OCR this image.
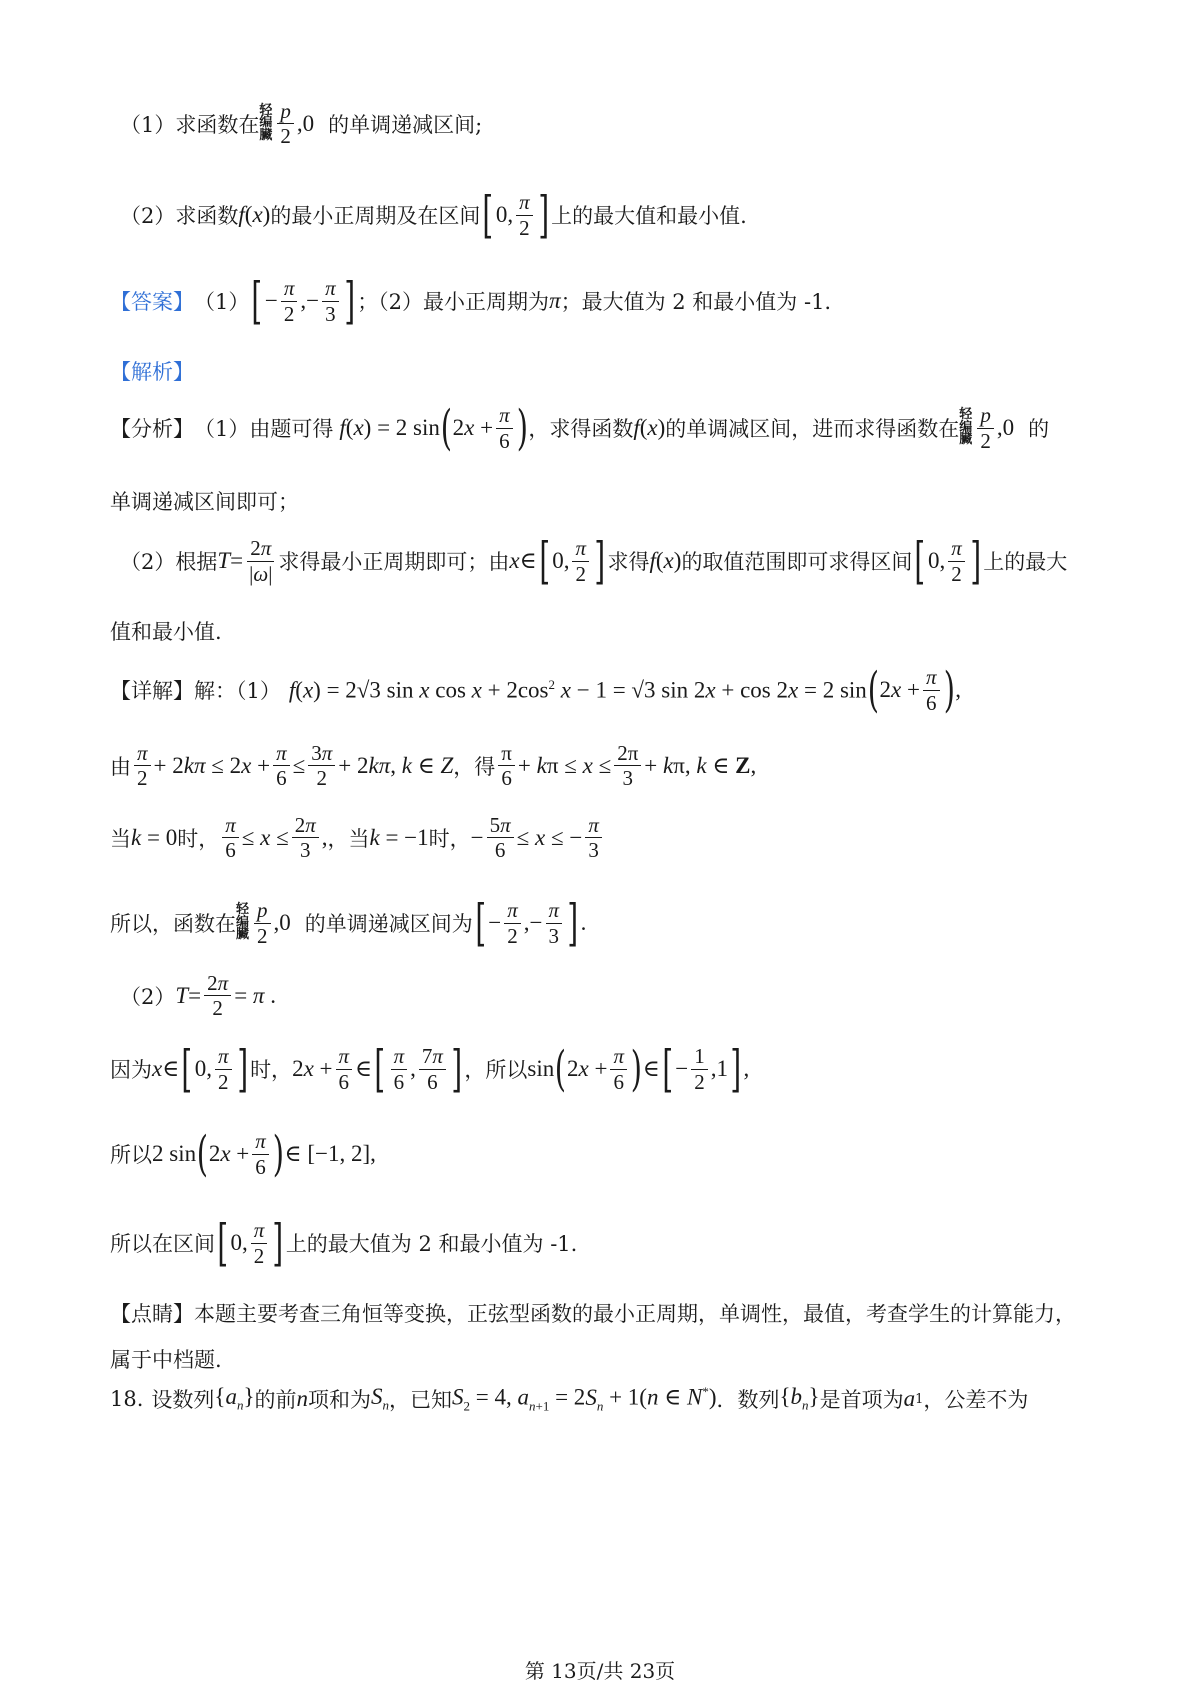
（1）求函数在
轻
编
臟 $\frac{p}{2} ,0$ 的单调递减区间;
（2）求函数 f ( x ) 的最小正周期及在区间 [ 0, $\frac{\pi}{2}$ ] 上的最大值和最小值.
【答案】 （1） [ − $\frac{\pi}{2}$ ,− $\frac{\pi}{3}$ ] ；（2）最小正周期为 π ；最大值为 2 和最小值为 -1.
【解析】
【分析】 （1）由题可得 f(x) = 2 sin ( $2x + \frac{\pi}{6}$ ) ，求得函数 f (x) 的单调减区间，进而求得函数在
轻
编
臟 $\frac{p}{2} ,0$ 的
单调递减区间即可；
（2）根据 $T = \frac{2\pi}{|\omega|}$ 求得最小正周期即可；由 x ∈ [ 0, $\frac{\pi}{2}$ ] 求得 f (x) 的取值范围即可求得区间 [ 0, $\frac{\pi}{2}$ ] 上的最大
值和最小值.
【详解】 解：（1） f(x) = 2√3 sin x $\cos x + 2\cos^2$ x − 1 = √3 sin 2x + cos 2x = 2 sin ( $2x + \frac{\pi}{6}$ ) ,
由 $\frac{\pi}{2} + 2k\pi \le 2x + \frac{\pi}{6} \le \frac{3\pi}{2} + 2k\pi$, k ∈ Z ，得 $\frac{\pi}{6} + k\pi \le x \le \frac{2\pi}{3} + k\pi$, k ∈ Z,
当 k = 0 时， $\frac{\pi}{6} \le x \le \frac{2\pi}{3}$ , ，当 k = −1 时， − $\frac{5\pi}{6} \le x$ ≤ − $\frac{\pi}{3}$
所以，函数在
轻
编
臟 $\frac{p}{2} ,0$ 的单调递减区间为 [ − $\frac{\pi}{2}$ ,− $\frac{\pi}{3}$ ] .
（2） $T = \frac{2\pi}{2} = \pi$ .
因为 x ∈ [ 0, $\frac{\pi}{2}$ ] 时， $2x + \frac{\pi}{6}$ ∈ [ $\frac{\pi}{6}$ , $\frac{7\pi}{6}$ ] ，所以 sin ( $2x + \frac{\pi}{6}$ ) ∈ [ − $\frac{1}{2} ,1$ ] ,
所以 2 sin ( $2x + \frac{\pi}{6}$ ) ∈ [−1, 2],
所以在区间 [ 0, $\frac{\pi}{2}$ ] 上的最大值为 2 和最小值为 -1.
【点睛】 本题主要考查三角恒等变换，正弦型函数的最小正周期，单调性，最值，考查学生的计算能力，
属于中档题.
18. 设数列 $\{a_n\}$ 的前 n 项和为 $S_n$ ，已知 $S_2 = 4$, $a_{n+1} = 2S_n + 1(n$ ∈ N*) ．数列 $\{b_n\}$ 是首项为 a 1 ，公差不为
第 13页/共 23页
